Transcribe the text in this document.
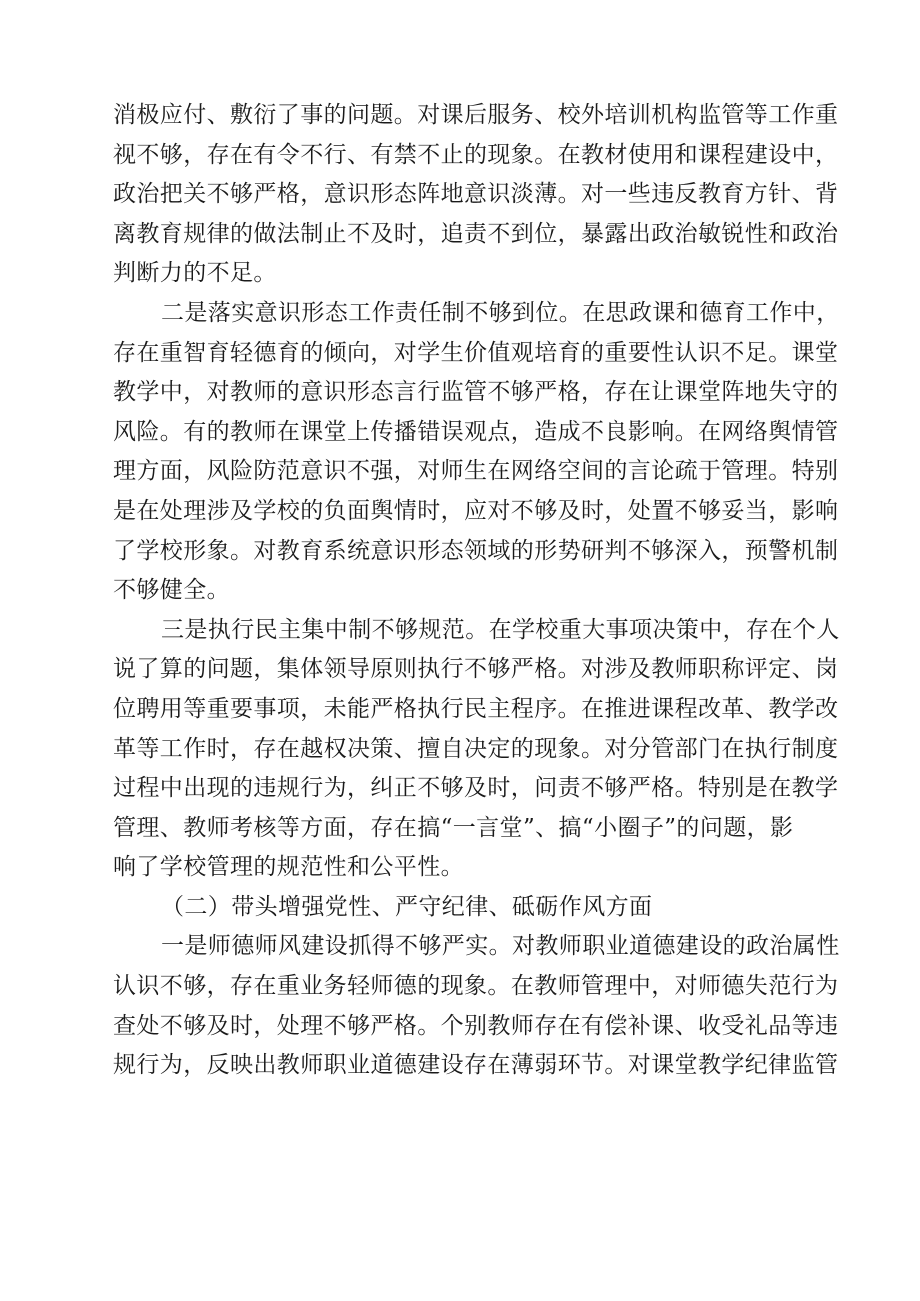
消极应付、敷衍了事的问题。对课后服务、校外培训机构监管等工作重
视不够，存在有令不行、有禁不止的现象。在教材使用和课程建设中，
政治把关不够严格，意识形态阵地意识淡薄。对一些违反教育方针、背
离教育规律的做法制止不及时，追责不到位，暴露出政治敏锐性和政治
判断力的不足。
二是落实意识形态工作责任制不够到位。在思政课和德育工作中，
存在重智育轻德育的倾向，对学生价值观培育的重要性认识不足。课堂
教学中，对教师的意识形态言行监管不够严格，存在让课堂阵地失守的
风险。有的教师在课堂上传播错误观点，造成不良影响。在网络舆情管
理方面，风险防范意识不强，对师生在网络空间的言论疏于管理。特别
是在处理涉及学校的负面舆情时，应对不够及时，处置不够妥当，影响
了学校形象。对教育系统意识形态领域的形势研判不够深入，预警机制
不够健全。
三是执行民主集中制不够规范。在学校重大事项决策中，存在个人
说了算的问题，集体领导原则执行不够严格。对涉及教师职称评定、岗
位聘用等重要事项，未能严格执行民主程序。在推进课程改革、教学改
革等工作时，存在越权决策、擅自决定的现象。对分管部门在执行制度
过程中出现的违规行为，纠正不够及时，问责不够严格。特别是在教学
管理、教师考核等方面，存在搞“一言堂”、搞“小圈子”的问题，影
响了学校管理的规范性和公平性。
（二）带头增强党性、严守纪律、砥砺作风方面
一是师德师风建设抓得不够严实。对教师职业道德建设的政治属性
认识不够，存在重业务轻师德的现象。在教师管理中，对师德失范行为
查处不够及时，处理不够严格。个别教师存在有偿补课、收受礼品等违
规行为，反映出教师职业道德建设存在薄弱环节。对课堂教学纪律监管
